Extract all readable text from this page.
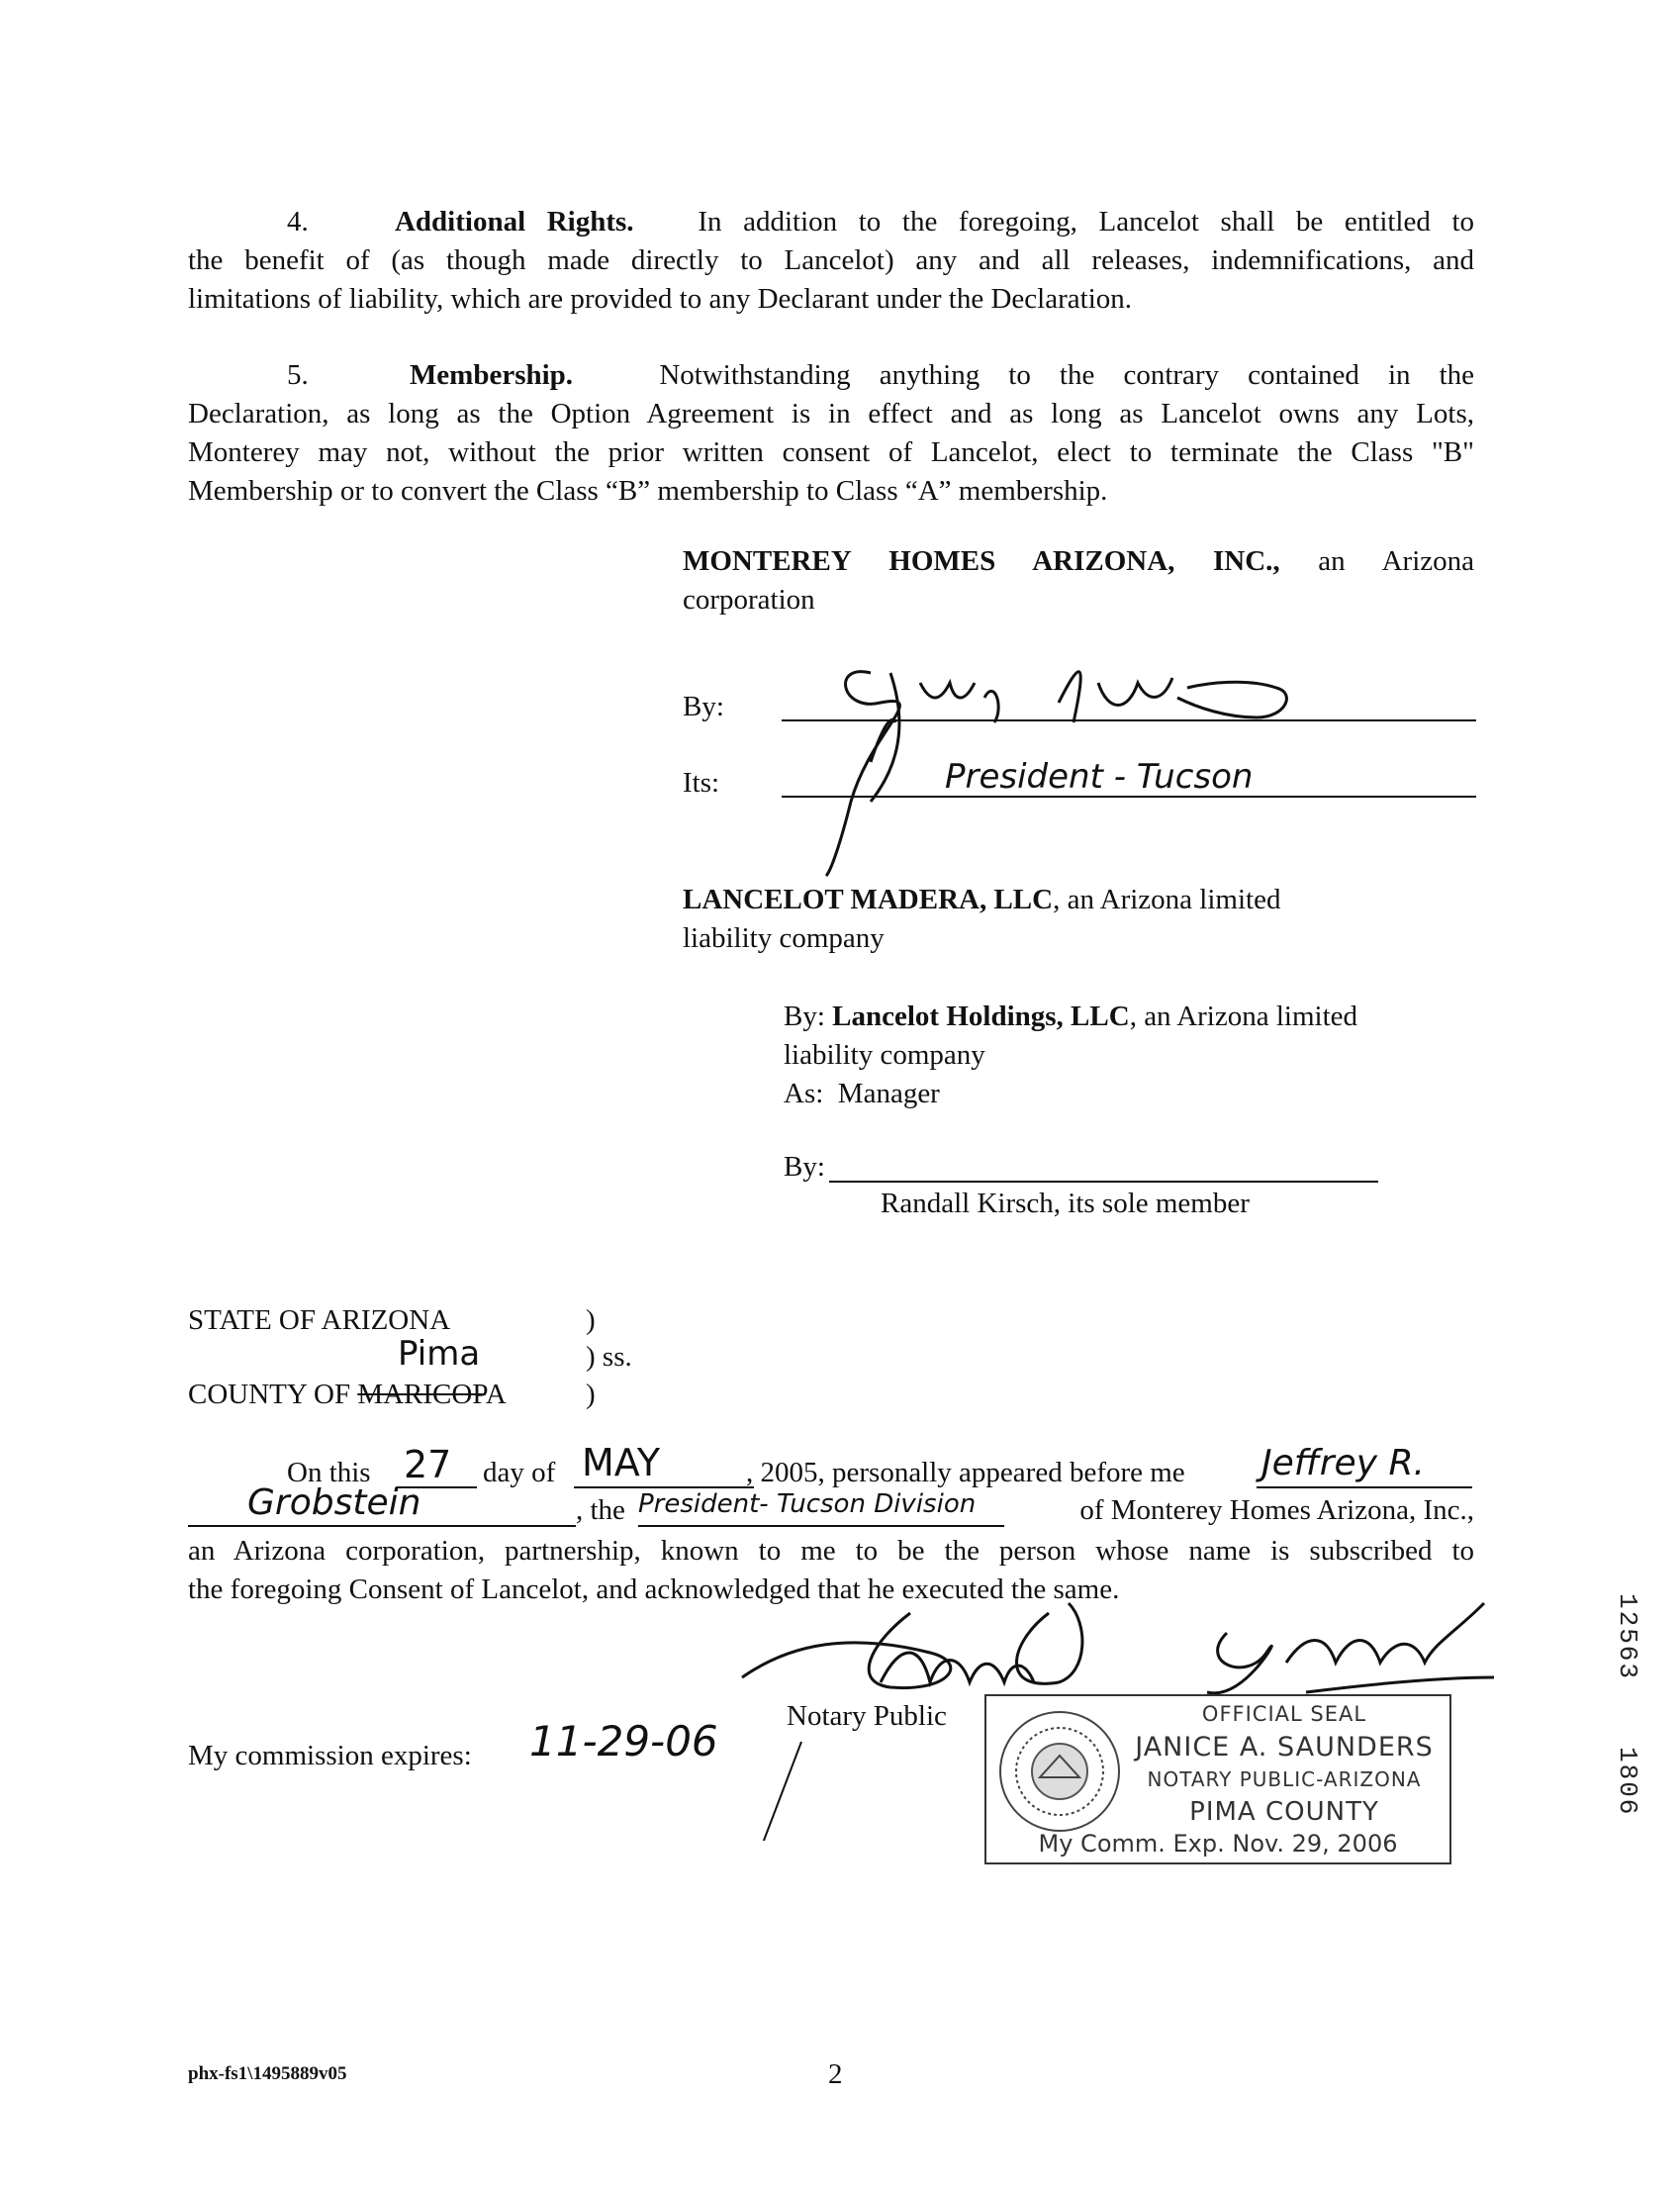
4.	Additional Rights. In addition to the foregoing, Lancelot shall be entitled to
the benefit of (as though made directly to Lancelot) any and all releases, indemnifications, and
limitations of liability, which are provided to any Declarant under the Declaration.
5.	Membership.	Notwithstanding anything to the contrary contained in the
Declaration, as long as the Option Agreement is in effect and as long as Lancelot owns any Lots,
Monterey may not, without the prior written consent of Lancelot, elect to terminate the Class "B"
Membership or to convert the Class “B” membership to Class “A” membership.
MONTEREY HOMES ARIZONA, INC., an Arizona
corporation
By:
Its:	President - Tucson
LANCELOT MADERA, LLC, an Arizona limited
liability company
By: Lancelot Holdings, LLC, an Arizona limited
liability company
As:  Manager
By:
Randall Kirsch, its sole member
STATE OF ARIZONA	)
Pima	) ss.
COUNTY OF MARICOPA	)
On this 27 day of MAY	, 2005, personally appeared before me Jeffrey R.
Grobstein	, the President- Tucson Division	of Monterey Homes Arizona, Inc.,
an Arizona corporation, partnership, known to me to be the person whose name is subscribed to
the foregoing Consent of Lancelot, and acknowledged that he executed the same.
Notary Public
My commission expires: 11-29-06
OFFICIAL SEAL
JANICE A. SAUNDERS
NOTARY PUBLIC-ARIZONA
PIMA COUNTY
My Comm. Exp. Nov. 29, 2006
12563
1806
phx-fs1\1495889v05	2
